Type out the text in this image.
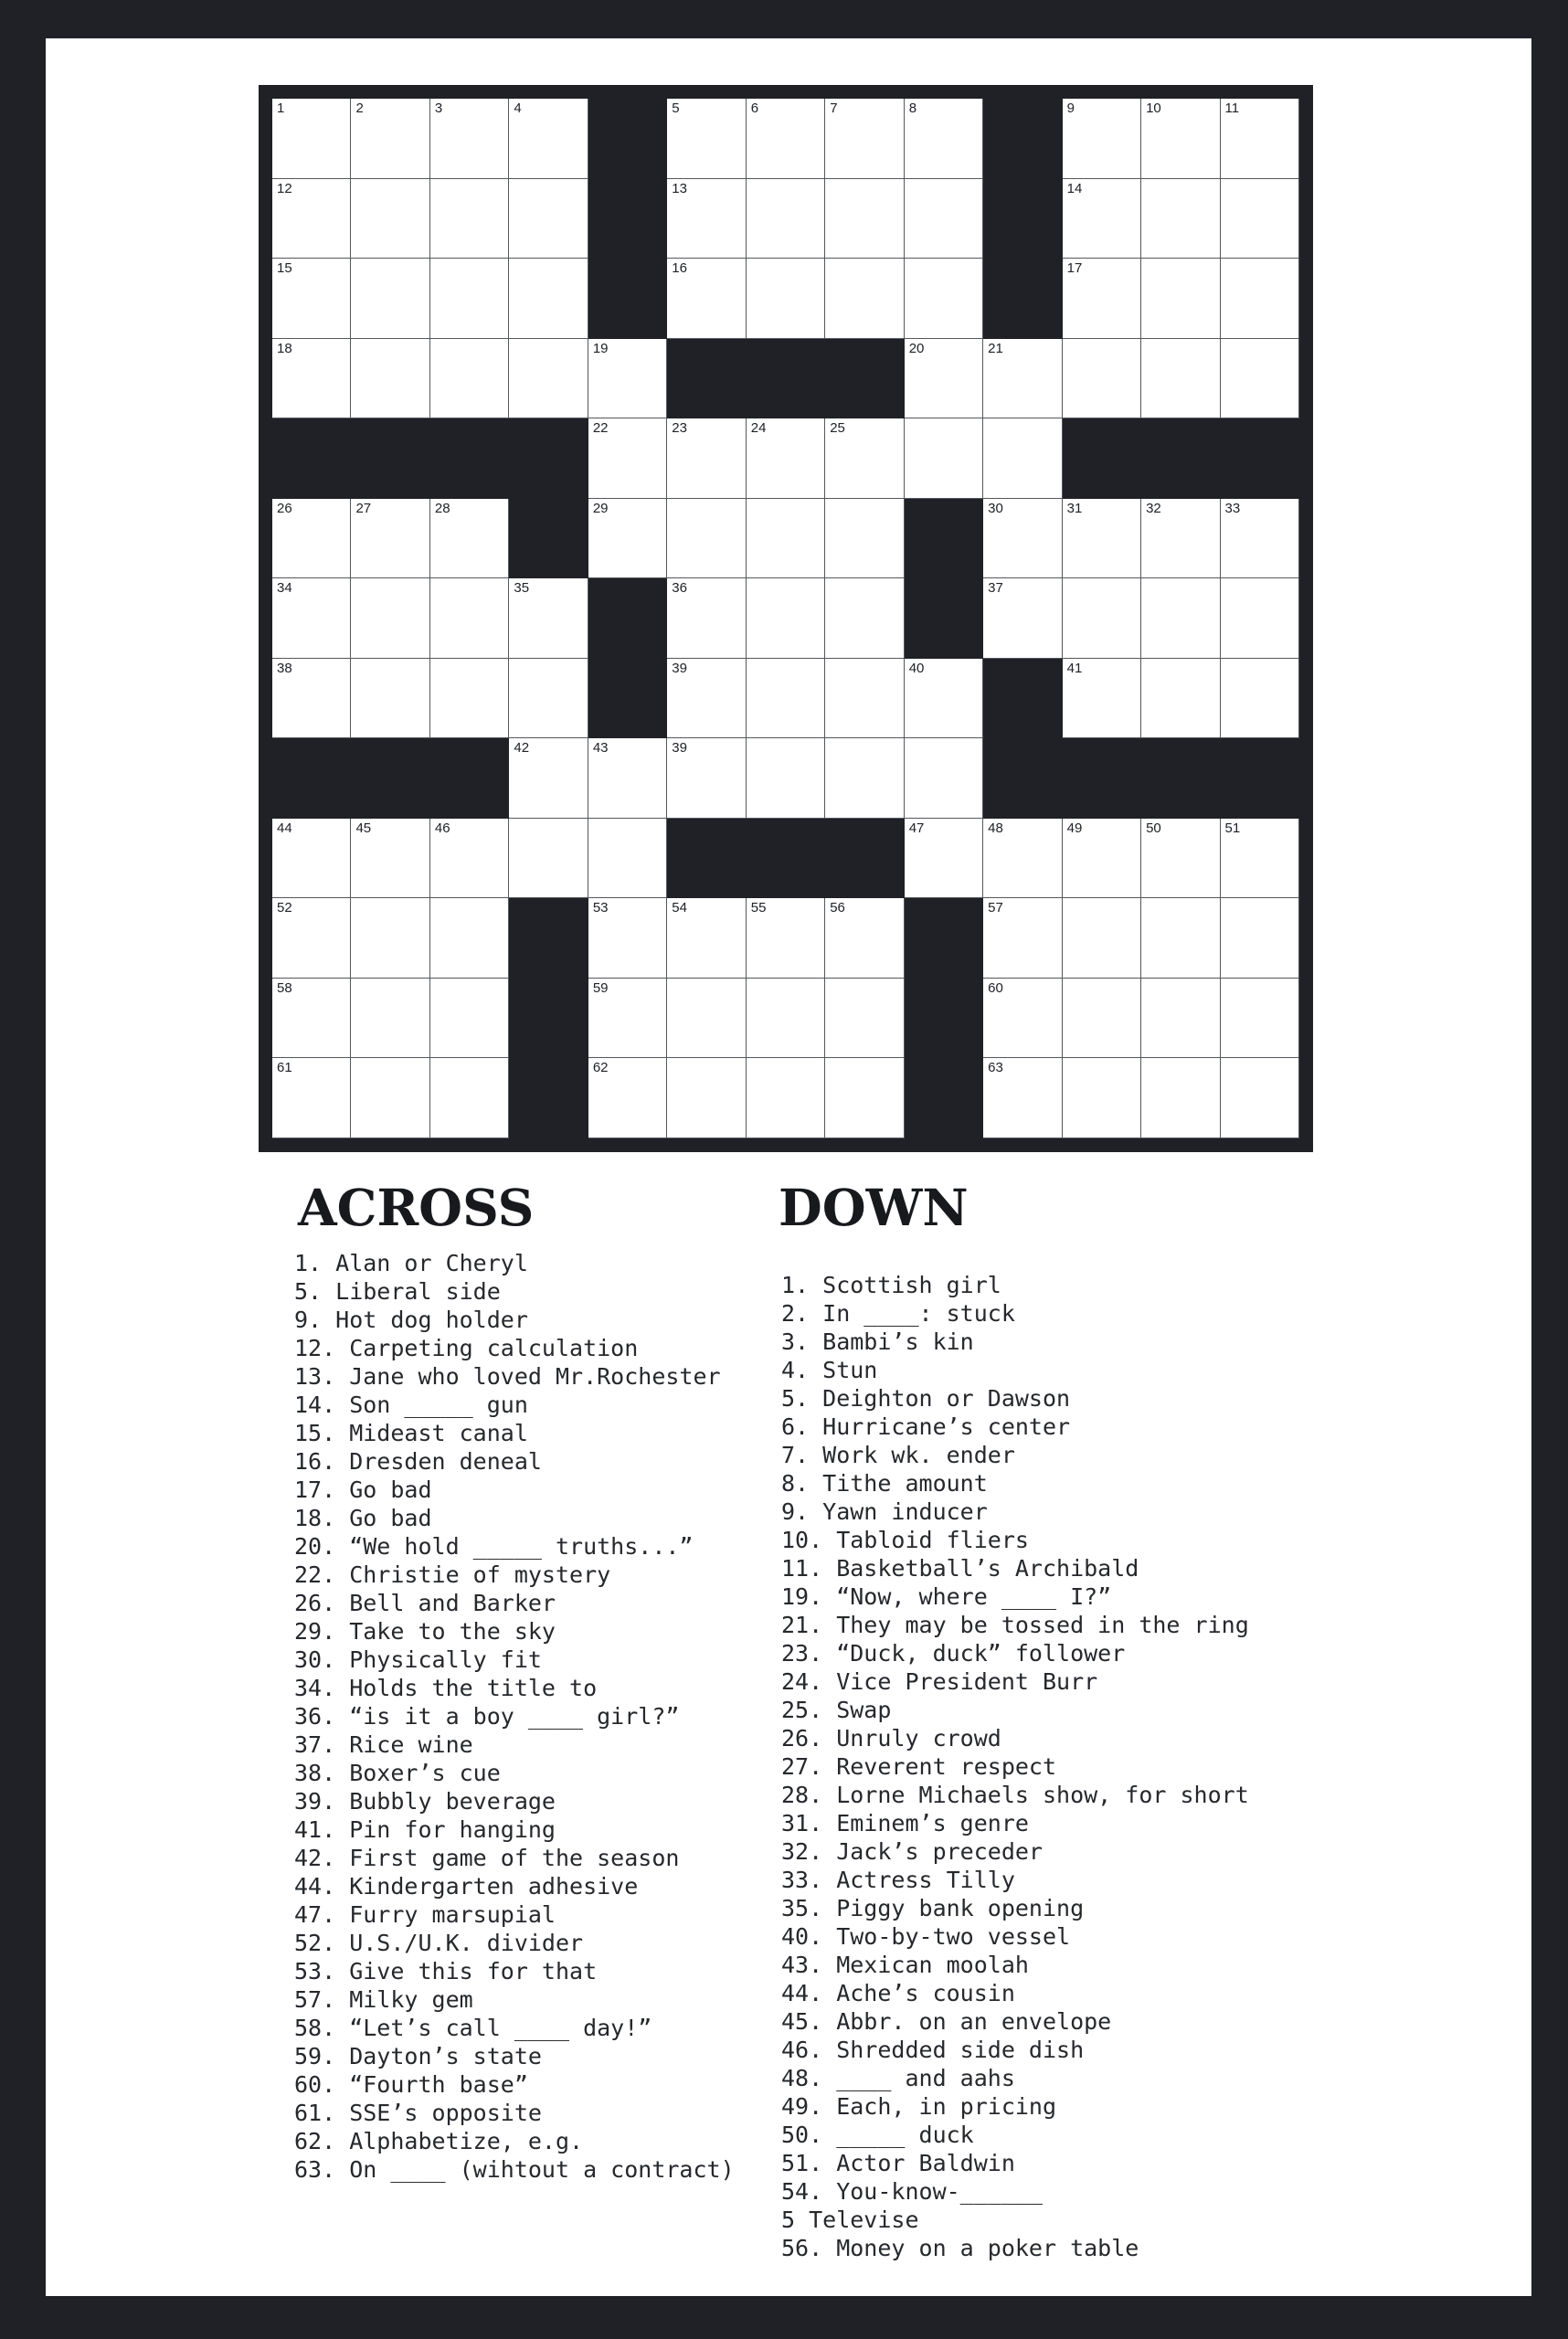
1	2	3	4	5	6	7	8	9	10	11
12	13	14
15	16	17
18	19	20	21
22	23	24	25
26	27	28	29	30	31	32	33
34	35	36	37
38	39	40	41
42	43	39
44	45	46	47	48	49	50	51
52	53	54	55	56	57
58	59	60
61	62	63
ACROSS	DOWN
1. Alan or Cheryl
5. Liberal side
9. Hot dog holder
12. Carpeting calculation
13. Jane who loved Mr.Rochester
14. Son _____ gun
15. Mideast canal
16. Dresden deneal
17. Go bad
18. Go bad
20. “We hold _____ truths...”
22. Christie of mystery
26. Bell and Barker
29. Take to the sky
30. Physically fit
34. Holds the title to
36. “is it a boy ____ girl?”
37. Rice wine
38. Boxer’s cue
39. Bubbly beverage
41. Pin for hanging
42. First game of the season
44. Kindergarten adhesive
47. Furry marsupial
52. U.S./U.K. divider
53. Give this for that
57. Milky gem
58. “Let’s call ____ day!”
59. Dayton’s state
60. “Fourth base”
61. SSE’s opposite
62. Alphabetize, e.g.
63. On ____ (wihtout a contract)
1. Scottish girl
2. In ____: stuck
3. Bambi’s kin
4. Stun
5. Deighton or Dawson
6. Hurricane’s center
7. Work wk. ender
8. Tithe amount
9. Yawn inducer
10. Tabloid fliers
11. Basketball’s Archibald
19. “Now, where ____ I?”
21. They may be tossed in the ring
23. “Duck, duck” follower
24. Vice President Burr
25. Swap
26. Unruly crowd
27. Reverent respect
28. Lorne Michaels show, for short
31. Eminem’s genre
32. Jack’s preceder
33. Actress Tilly
35. Piggy bank opening
40. Two-by-two vessel
43. Mexican moolah
44. Ache’s cousin
45. Abbr. on an envelope
46. Shredded side dish
48. ____ and aahs
49. Each, in pricing
50. _____ duck
51. Actor Baldwin
54. You-know-______
5 Televise
56. Money on a poker table
